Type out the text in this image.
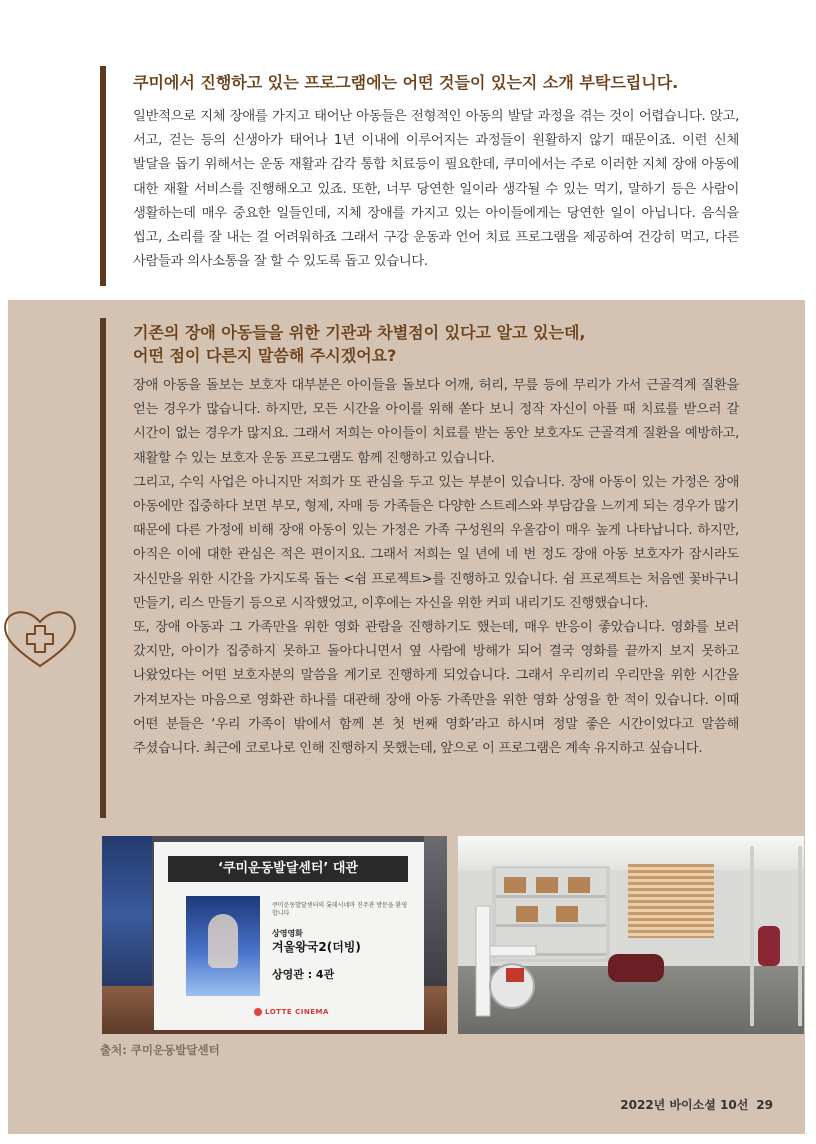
쿠미에서 진행하고 있는 프로그램에는 어떤 것들이 있는지 소개 부탁드립니다.

일반적으로 지체 장애를 가지고 태어난 아동들은 전형적인 아동의 발달 과정을 겪는 것이 어렵습니다. 앉고, 서고, 걷는 등의 신생아가 태어나 1년 이내에 이루어지는 과정들이 원활하지 않기 때문이죠. 이런 신체 발달을 돕기 위해서는 운동 재활과 감각 통합 치료등이 필요한데, 쿠미에서는 주로 이러한 지체 장애 아동에 대한 재활 서비스를 진행해오고 있죠. 또한, 너무 당연한 일이라 생각될 수 있는 먹기, 말하기 등은 사람이 생활하는데 매우 중요한 일들인데, 지체 장애를 가지고 있는 아이들에게는 당연한 일이 아닙니다. 음식을 씹고, 소리를 잘 내는 걸 어려워하죠 그래서 구강 운동과 언어 치료 프로그램을 제공하여 건강히 먹고, 다른 사람들과 의사소통을 잘 할 수 있도록 돕고 있습니다.

기존의 장애 아동들을 위한 기관과 차별점이 있다고 알고 있는데,
어떤 점이 다른지 말씀해 주시겠어요?
장애 아동을 돌보는 보호자 대부분은 아이들을 돌보다 어깨, 허리, 무릎 등에 무리가 가서 근골격계 질환을 얻는 경우가 많습니다. 하지만, 모든 시간을 아이를 위해 쏟다 보니 정작 자신이 아플 때 치료를 받으러 갈 시간이 없는 경우가 많지요. 그래서 저희는 아이들이 치료를 받는 동안 보호자도 근골격계 질환을 예방하고, 재활할 수 있는 보호자 운동 프로그램도 함께 진행하고 있습니다.
그리고, 수익 사업은 아니지만 저희가 또 관심을 두고 있는 부분이 있습니다. 장애 아동이 있는 가정은 장애 아동에만 집중하다 보면 부모, 형제, 자매 등 가족들은 다양한 스트레스와 부담감을 느끼게 되는 경우가 많기 때문에 다른 가정에 비해 장애 아동이 있는 가정은 가족 구성원의 우울감이 매우 높게 나타납니다. 하지만, 아직은 이에 대한 관심은 적은 편이지요. 그래서 저희는 일 년에 네 번 정도 장애 아동 보호자가 잠시라도 자신만을 위한 시간을 가지도록 돕는 <쉼 프로젝트>를 진행하고 있습니다. 쉼 프로젝트는 처음엔 꽃바구니 만들기, 리스 만들기 등으로 시작했었고, 이후에는 자신을 위한 커피 내리기도 진행했습니다.
또, 장애 아동과 그 가족만을 위한 영화 관람을 진행하기도 했는데, 매우 반응이 좋았습니다. 영화를 보러 갔지만, 아이가 집중하지 못하고 돌아다니면서 옆 사람에 방해가 되어 결국 영화를 끝까지 보지 못하고 나왔었다는 어떤 보호자분의 말씀을 계기로 진행하게 되었습니다. 그래서 우리끼리 우리만을 위한 시간을 가져보자는 마음으로 영화관 하나를 대관해 장애 아동 가족만을 위한 영화 상영을 한 적이 있습니다. 이때 어떤 분들은 ‘우리 가족이 밖에서 함께 본 첫 번째 영화’라고 하시며 정말 좋은 시간이었다고 말씀해 주셨습니다. 최근에 코로나로 인해 진행하지 못했는데, 앞으로 이 프로그램은 계속 유지하고 싶습니다.

‘쿠미운동발달센터’ 대관

쿠미운동발달센터의 롯데시네마 진주관 방문을 환영합니다

상영영화

겨울왕국2(더빙)

상영관 : 4관

LOTTE CINEMA

출처: 쿠미운동발달센터

2022년 바이소셜 10선 29
